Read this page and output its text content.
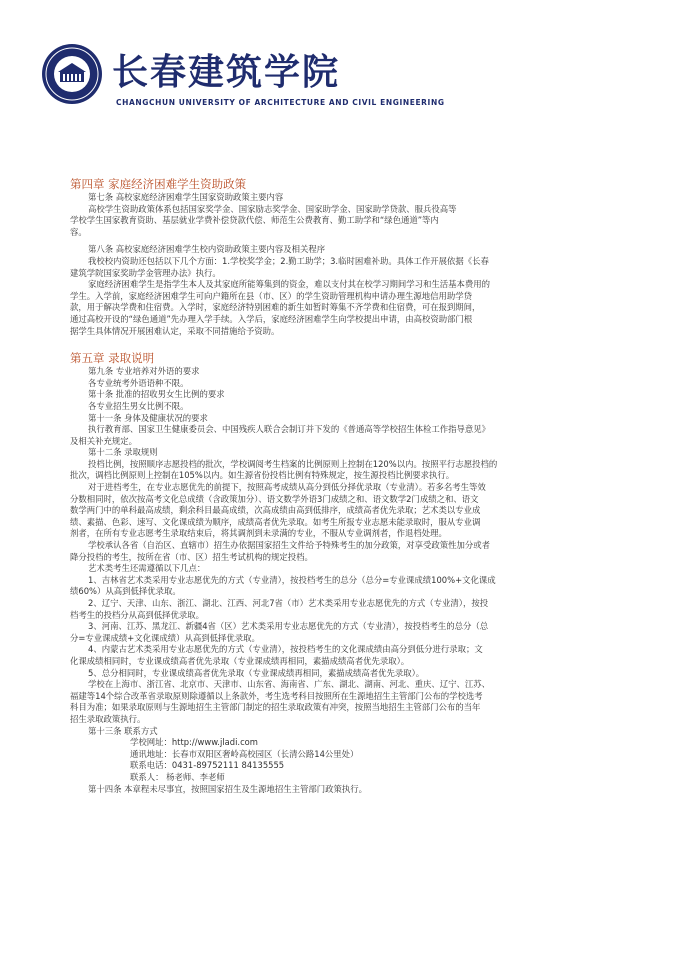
长春建筑学院
CHANGCHUN UNIVERSITY OF ARCHITECTURE AND CIVIL ENGINEERING
第四章 家庭经济困难学生资助政策

第七条 高校家庭经济困难学生国家资助政策主要内容

高校学生资助政策体系包括国家奖学金、国家励志奖学金、国家助学金、国家助学贷款、服兵役高等

学校学生国家教育资助、基层就业学费补偿贷款代偿、师范生公费教育、勤工助学和“绿色通道”等内

容。

第八条 高校家庭经济困难学生校内资助政策主要内容及相关程序

我校校内资助还包括以下几个方面：1.学校奖学金；2.勤工助学；3.临时困难补助。具体工作开展依据《长春

建筑学院国家奖助学金管理办法》执行。

家庭经济困难学生是指学生本人及其家庭所能筹集到的资金，难以支付其在校学习期间学习和生活基本费用的

学生。入学前，家庭经济困难学生可向户籍所在县（市、区）的学生资助管理机构申请办理生源地信用助学贷

款，用于解决学费和住宿费。入学时，家庭经济特别困难的新生如暂时筹集不齐学费和住宿费，可在报到期间，

通过高校开设的“绿色通道”先办理入学手续。入学后，家庭经济困难学生向学校提出申请，由高校资助部门根

据学生具体情况开展困难认定，采取不同措施给予资助。

第五章 录取说明

第九条 专业培养对外语的要求

各专业统考外语语种不限。

第十条 批准的招收男女生比例的要求

各专业招生男女比例不限。

第十一条 身体及健康状况的要求

执行教育部、国家卫生健康委员会、中国残疾人联合会制订并下发的《普通高等学校招生体检工作指导意见》

及相关补充规定。

第十二条 录取规则

投档比例，按照顺序志愿投档的批次，学校调阅考生档案的比例原则上控制在120%以内。按照平行志愿投档的

批次，调档比例原则上控制在105%以内。如生源省份投档比例有特殊规定，按生源投档比例要求执行。

对于进档考生，在专业志愿优先的前提下，按照高考成绩从高分到低分择优录取（专业清）。若多名考生等效

分数相同时，依次按高考文化总成绩（含政策加分）、语文数学外语3门成绩之和、语文数学2门成绩之和、语文

数学两门中的单科最高成绩，剩余科目最高成绩，次高成绩由高到低排序，成绩高者优先录取；艺术类以专业成

绩、素描、色彩、速写、文化课成绩为顺序，成绩高者优先录取。如考生所报专业志愿未能录取时，服从专业调

剂者，在所有专业志愿考生录取结束后，将其调剂到未录满的专业，不服从专业调剂者，作退档处理。

学校承认各省（自治区、直辖市）招生办依据国家招生文件给予特殊考生的加分政策，对享受政策性加分或者

降分投档的考生，按所在省（市、区）招生考试机构的规定投档。

艺术类考生还需遵循以下几点：

1、吉林省艺术类采用专业志愿优先的方式（专业清），按投档考生的总分（总分=专业课成绩100%+文化课成

绩60%）从高到低择优录取。

2、辽宁、天津、山东、浙江、湖北、江西、河北7省（市）艺术类采用专业志愿优先的方式（专业清），按投

档考生的投档分从高到低择优录取。

3、河南、江苏、黑龙江、新疆4省（区）艺术类采用专业志愿优先的方式（专业清），按投档考生的总分（总

分=专业课成绩+文化课成绩）从高到低择优录取。

4、内蒙古艺术类采用专业志愿优先的方式（专业清），按投档考生的文化课成绩由高分到低分进行录取；文

化课成绩相同时，专业课成绩高者优先录取（专业课成绩再相同，素描成绩高者优先录取）。

5、总分相同时，专业课成绩高者优先录取（专业课成绩再相同，素描成绩高者优先录取）。

学校在上海市、浙江省、北京市、天津市、山东省、海南省、广东、湖北、湖南、河北、重庆、辽宁、江苏、

福建等14个综合改革省录取原则除遵循以上条款外，考生选考科目按照所在生源地招生主管部门公布的学校选考

科目为准；如果录取原则与生源地招生主管部门制定的招生录取政策有冲突，按照当地招生主管部门公布的当年

招生录取政策执行。

第十三条 联系方式

学校网址：http://www.jladi.com

通讯地址：长春市双阳区奢岭高校园区（长清公路14公里处）

联系电话：0431-89752111 84135555

联系人： 杨老师、李老师

第十四条 本章程未尽事宜，按照国家招生及生源地招生主管部门政策执行。
